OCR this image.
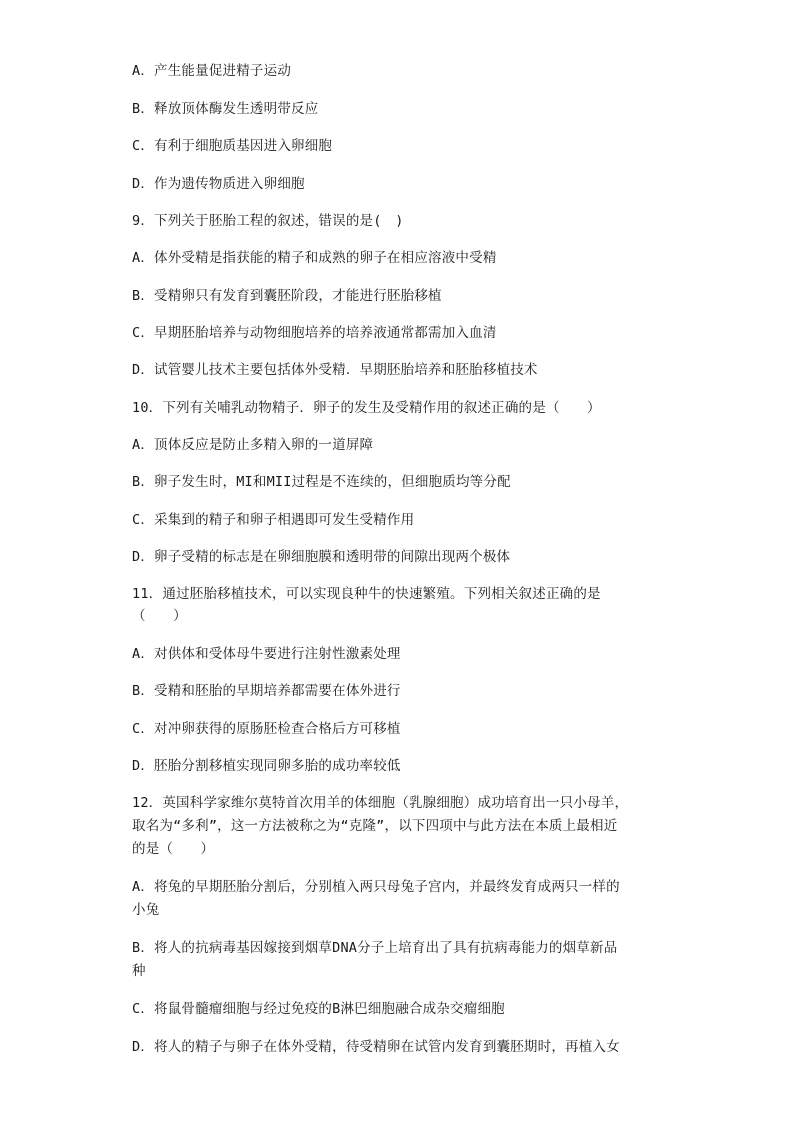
A．产生能量促进精子运动
B．释放顶体酶发生透明带反应
C．有利于细胞质基因进入卵细胞
D．作为遗传物质进入卵细胞
9．下列关于胚胎工程的叙述，错误的是(　)
A．体外受精是指获能的精子和成熟的卵子在相应溶液中受精
B．受精卵只有发育到囊胚阶段，才能进行胚胎移植
C．早期胚胎培养与动物细胞培养的培养液通常都需加入血清
D．试管婴儿技术主要包括体外受精．早期胚胎培养和胚胎移植技术
10．下列有关哺乳动物精子．卵子的发生及受精作用的叙述正确的是（　　）
A．顶体反应是防止多精入卵的一道屏障
B．卵子发生时，MI和MII过程是不连续的，但细胞质均等分配
C．采集到的精子和卵子相遇即可发生受精作用
D．卵子受精的标志是在卵细胞膜和透明带的间隙出现两个极体
11．通过胚胎移植技术，可以实现良种牛的快速繁殖。下列相关叙述正确的是
（　　）
A．对供体和受体母牛要进行注射性激素处理
B．受精和胚胎的早期培养都需要在体外进行
C．对冲卵获得的原肠胚检查合格后方可移植
D．胚胎分割移植实现同卵多胎的成功率较低
12．英国科学家维尔莫特首次用羊的体细胞（乳腺细胞）成功培育出一只小母羊，
取名为“多利”，这一方法被称之为“克隆”，以下四项中与此方法在本质上最相近
的是（　　）
A．将兔的早期胚胎分割后，分别植入两只母兔子宫内，并最终发育成两只一样的
小兔
B．将人的抗病毒基因嫁接到烟草DNA分子上培育出了具有抗病毒能力的烟草新品
种
C．将鼠骨髓瘤细胞与经过免疫的B淋巴细胞融合成杂交瘤细胞
D．将人的精子与卵子在体外受精，待受精卵在试管内发育到囊胚期时，再植入女
